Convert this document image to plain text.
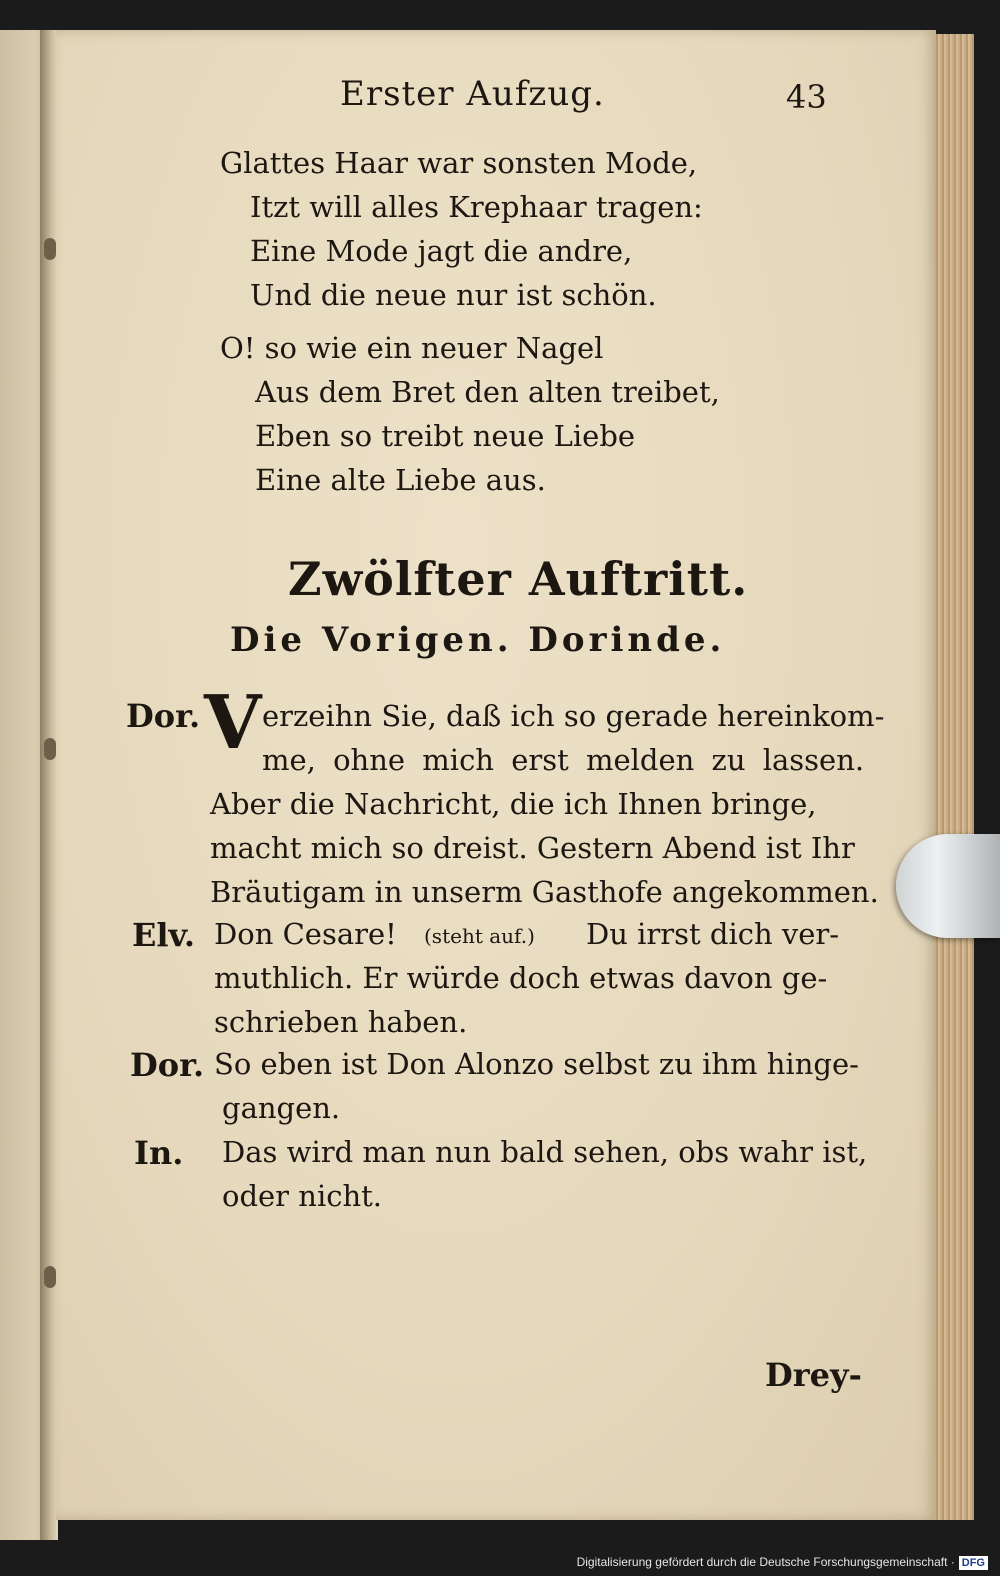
Erster Aufzug.	43
Glattes Haar war sonsten Mode,
Itzt will alles Krephaar tragen:
Eine Mode jagt die andre,
Und die neue nur ist schön.
O! so wie ein neuer Nagel
Aus dem Bret den alten treibet,
Eben so treibt neue Liebe
Eine alte Liebe aus.
Zwölfter Auftritt.
Die Vorigen. Dorinde.
Dor. V erzeihn Sie, daß ich so gerade hereinkom-
me, ohne mich erst melden zu lassen.
Aber die Nachricht, die ich Ihnen bringe,
macht mich so dreist. Gestern Abend ist Ihr
Bräutigam in unserm Gasthofe angekommen.
Elv. Don Cesare! (steht auf.) Du irrst dich ver-
muthlich. Er würde doch etwas davon ge-
schrieben haben.
Dor. So eben ist Don Alonzo selbst zu ihm hinge-
gangen.
In. Das wird man nun bald sehen, obs wahr ist,
oder nicht.
Drey-
Digitalisierung gefördert durch die Deutsche Forschungsgemeinschaft · DFG
